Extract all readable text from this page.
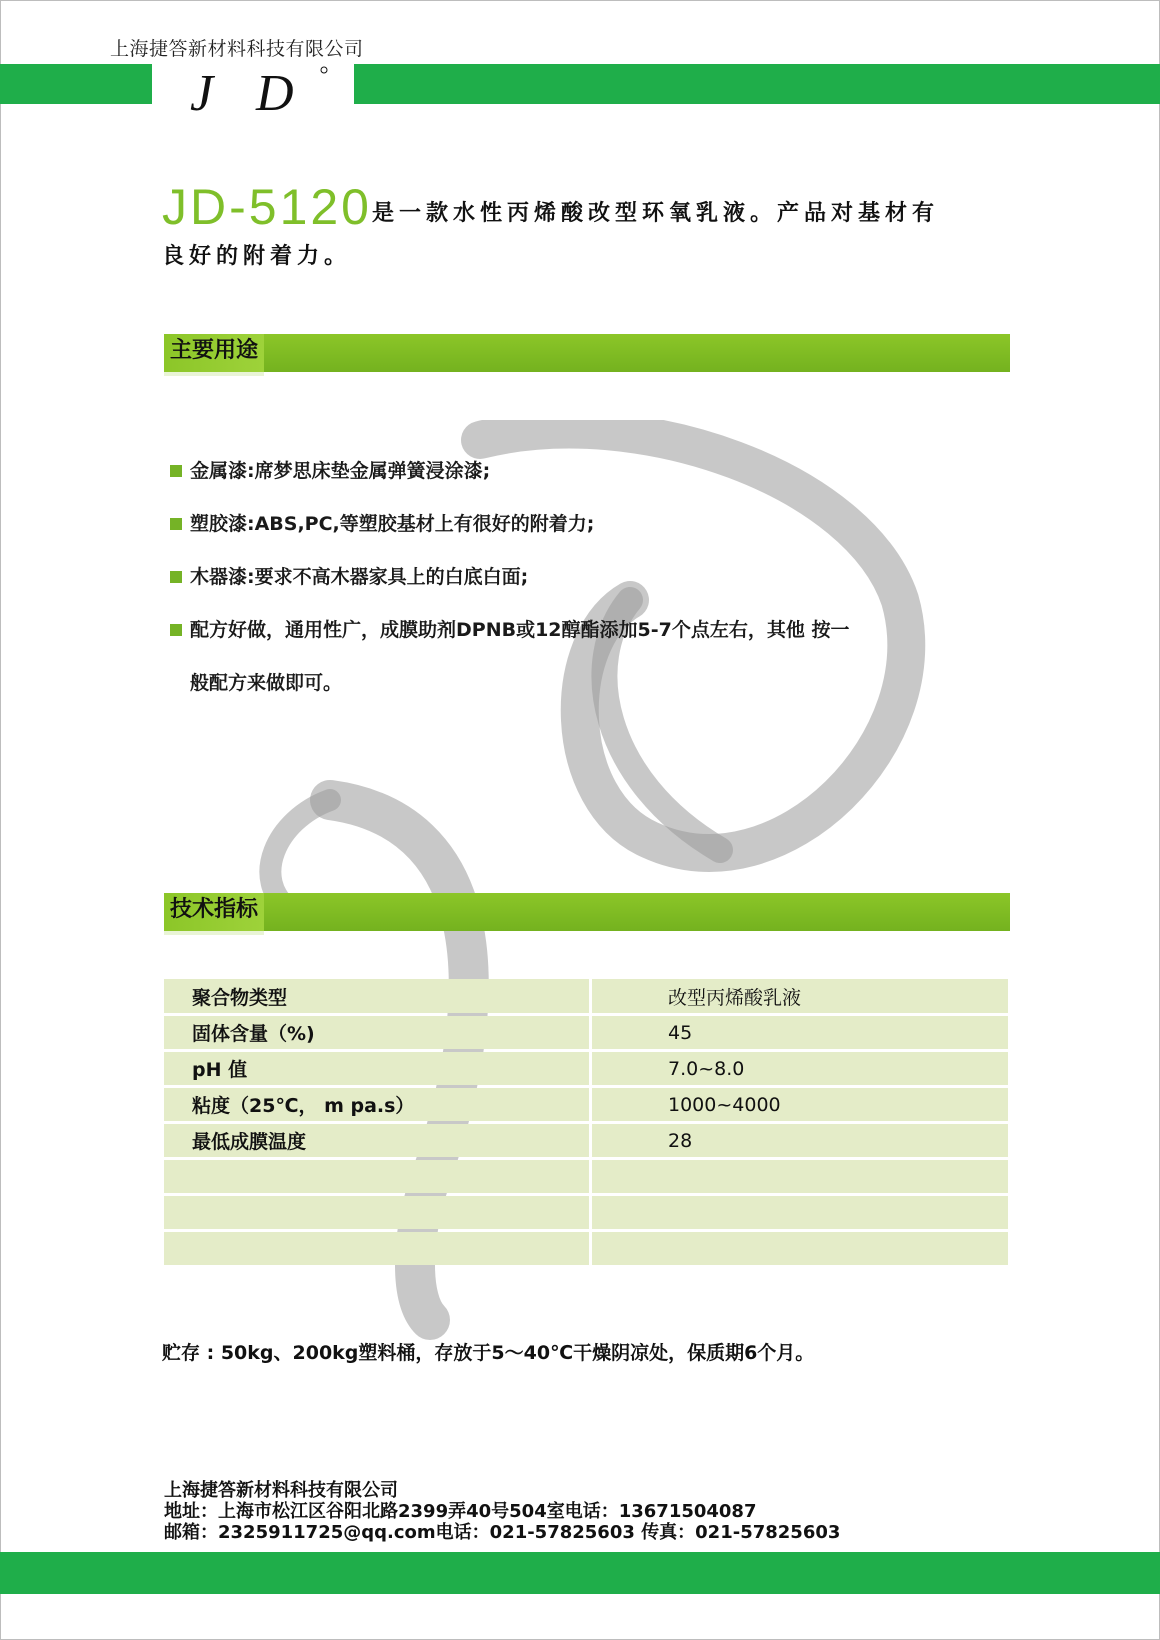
上海捷答新材料科技有限公司
J D
JD-5120是一款水性丙烯酸改型环氧乳液。产品对基材有
良好的附着力。
主要用途
金属漆:席梦思床垫金属弹簧浸涂漆;
塑胶漆:ABS,PC,等塑胶基材上有很好的附着力;
木器漆:要求不高木器家具上的白底白面;
配方好做，通用性广，成膜助剂DPNB或12醇酯添加5-7个点左右，其他 按一
般配方来做即可。
技术指标
聚合物类型	改型丙烯酸乳液
固体含量（%)	45
pH 值	7.0~8.0
粘度（25℃， m pa.s）	1000~4000
最低成膜温度	28

贮存 : 50kg、200kg塑料桶，存放于5～40℃干燥阴凉处，保质期6个月。
上海捷答新材料科技有限公司
地址：上海市松江区谷阳北路2399弄40号504室电话：13671504087
邮箱：2325911725@qq.com电话：021-57825603 传真：021-57825603
